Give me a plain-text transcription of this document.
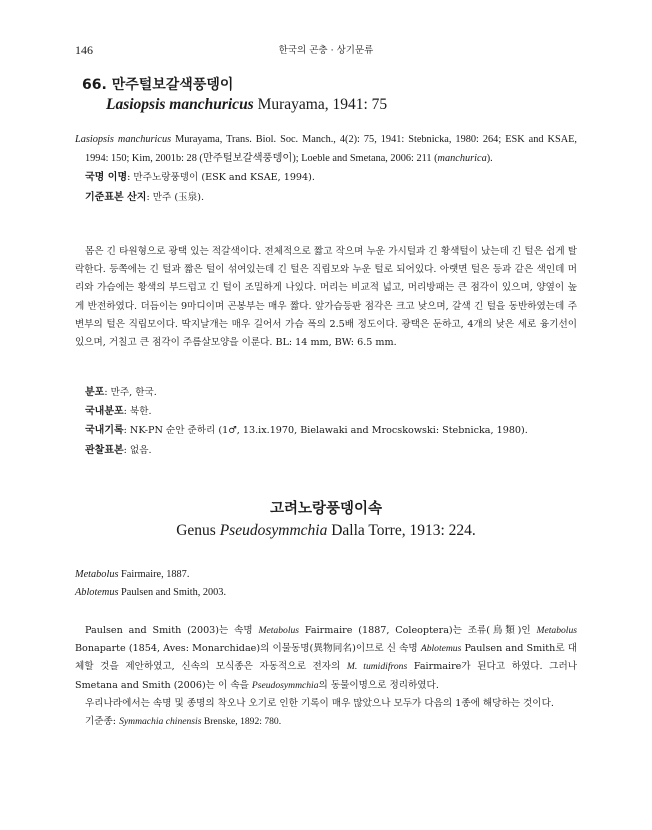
146	한국의 곤충 · 상기문류
66. 만주털보갈색풍뎅이
Lasiopsis manchuricus Murayama, 1941: 75

Lasiopsis manchuricus Murayama, Trans. Biol. Soc. Manch., 4(2): 75, 1941: Stebnicka, 1980: 264; ESK and KSAE, 1994: 150; Kim, 2001b: 28 (만주털보갈색풍뎅이); Loeble and Smetana, 2006: 211 (manchurica).

국명 이명: 만주노랑풍뎅이 (ESK and KSAE, 1994).

기준표본 산지: 만주 (玉泉).

몸은 긴 타원형으로 광택 있는 적갈색이다. 전체적으로 짧고 작으며 누운 가시털과 긴 황색털이 났는데 긴 털은 쉽게 탈락한다. 등쪽에는 긴 털과 짧은 털이 섞여있는데 긴 털은 직립모와 누운 털로 되어있다. 아랫면 털은 등과 같은 색인데 머리와 가슴에는 황색의 부드럽고 긴 털이 조밀하게 나있다. 머리는 비교적 넓고, 머리방패는 큰 점각이 있으며, 양옆이 높게 반전하였다. 더듬이는 9마디이며 곤봉부는 매우 짧다. 앞가슴등판 점각은 크고 낮으며, 갈색 긴 털을 동반하였는데 주변부의 털은 직립모이다. 딱지날개는 매우 길어서 가슴 폭의 2.5배 정도이다. 광택은 둔하고, 4개의 낮은 세로 융기선이 있으며, 거칠고 큰 점각이 주름살모양을 이룬다. BL: 14 mm, BW: 6.5 mm.

분포: 만주, 한국.

국내분포: 북한.

국내기록: NK-PN 순안 준하리 (1♂, 13.ix.1970, Bielawaki and Mrocskowski: Stebnicka, 1980).

관찰표본: 없음.

고려노랑풍뎅이속
Genus Pseudosymmchia Dalla Torre, 1913: 224.

Metabolus Fairmaire, 1887.

Ablotemus Paulsen and Smith, 2003.

Paulsen and Smith (2003)는 속명 Metabolus Fairmaire (1887, Coleoptera)는 조류(鳥類)인 Metabolus Bonaparte (1854, Aves: Monarchidae)의 이물동명(異物同名)이므로 신 속명 Ablotemus Paulsen and Smith로 대체할 것을 제안하였고, 신속의 모식종은 자동적으로 전자의 M. tumidifrons Fairmaire가 된다고 하였다. 그러나 Smetana and Smith (2006)는 이 속을 Pseudosymmchia의 동물이명으로 정리하였다.

우리나라에서는 속명 및 종명의 착오나 오기로 인한 기록이 매우 많았으나 모두가 다음의 1종에 해당하는 것이다.

기준종: Symmachia chinensis Brenske, 1892: 780.
